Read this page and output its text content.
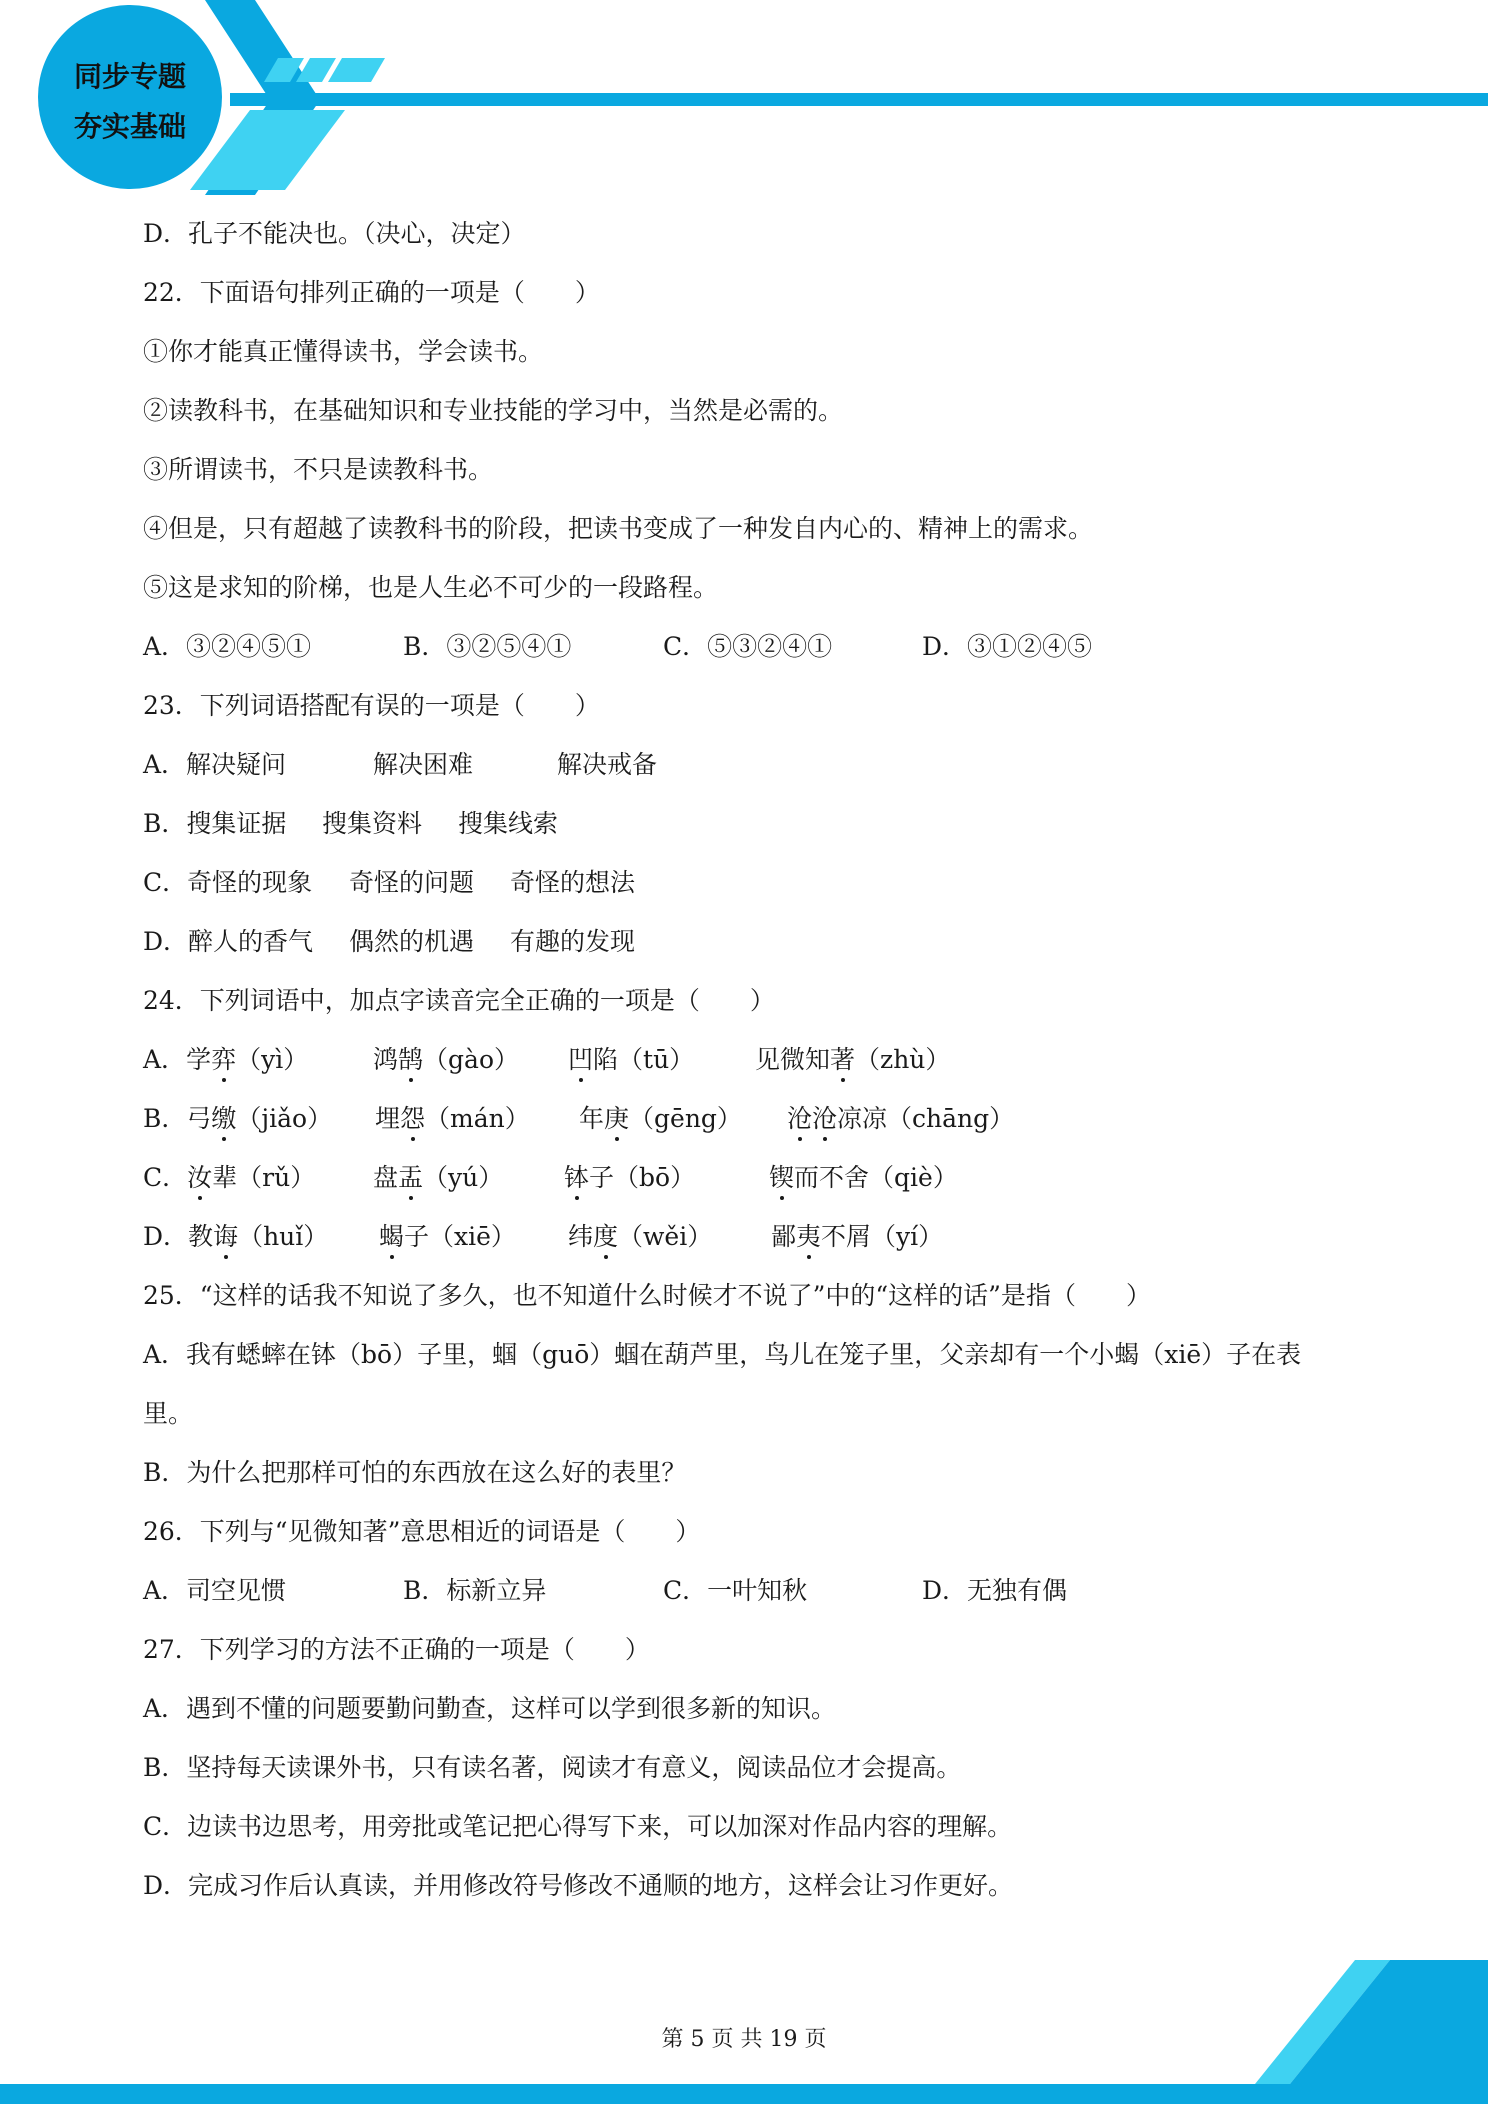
同步专题
夯实基础
D．孔子不能决也。（决心，决定）
22．下面语句排列正确的一项是（　　）
①你才能真正懂得读书，学会读书。
②读教科书，在基础知识和专业技能的学习中，当然是必需的。
③所谓读书，不只是读教科书。
④但是，只有超越了读教科书的阶段，把读书变成了一种发自内心的、精神上的需求。
⑤这是求知的阶梯，也是人生必不可少的一段路程。
A．③②④⑤①	B．③②⑤④①	C．⑤③②④①	D．③①②④⑤
23．下列词语搭配有误的一项是（　　）
A．解决疑问	解决困难	解决戒备
B．搜集证据 搜集资料 搜集线索
C．奇怪的现象 奇怪的问题 奇怪的想法
D．醉人的香气 偶然的机遇 有趣的发现
24．下列词语中，加点字读音完全正确的一项是（　　）
A．学弈（yì）	鸿鹄（gào） 凹陷（tū） 见微知著（zhù）
B．弓缴（jiǎo） 埋怨（mán） 年庚（gēng） 沧沧凉凉（chāng）
C．汝辈（rǔ） 盘盂（yú） 钵子（bō）	锲而不舍（qiè）
D．教诲（huǐ） 蝎子（xiē） 纬度（wěi） 鄙夷不屑（yí）
25．“这样的话我不知说了多久，也不知道什么时候才不说了”中的“这样的话”是指（　　）
A．我有蟋蟀在钵（bō）子里，蝈（guō）蝈在葫芦里，鸟儿在笼子里，父亲却有一个小蝎（xiē）子在表
里。
B．为什么把那样可怕的东西放在这么好的表里？
26．下列与“见微知著”意思相近的词语是（　　）
A．司空见惯	B．标新立异	C．一叶知秋	D．无独有偶
27．下列学习的方法不正确的一项是（　　）
A．遇到不懂的问题要勤问勤查，这样可以学到很多新的知识。
B．坚持每天读课外书，只有读名著，阅读才有意义，阅读品位才会提高。
C．边读书边思考，用旁批或笔记把心得写下来，可以加深对作品内容的理解。
D．完成习作后认真读，并用修改符号修改不通顺的地方，这样会让习作更好。
第 5 页 共 19 页
